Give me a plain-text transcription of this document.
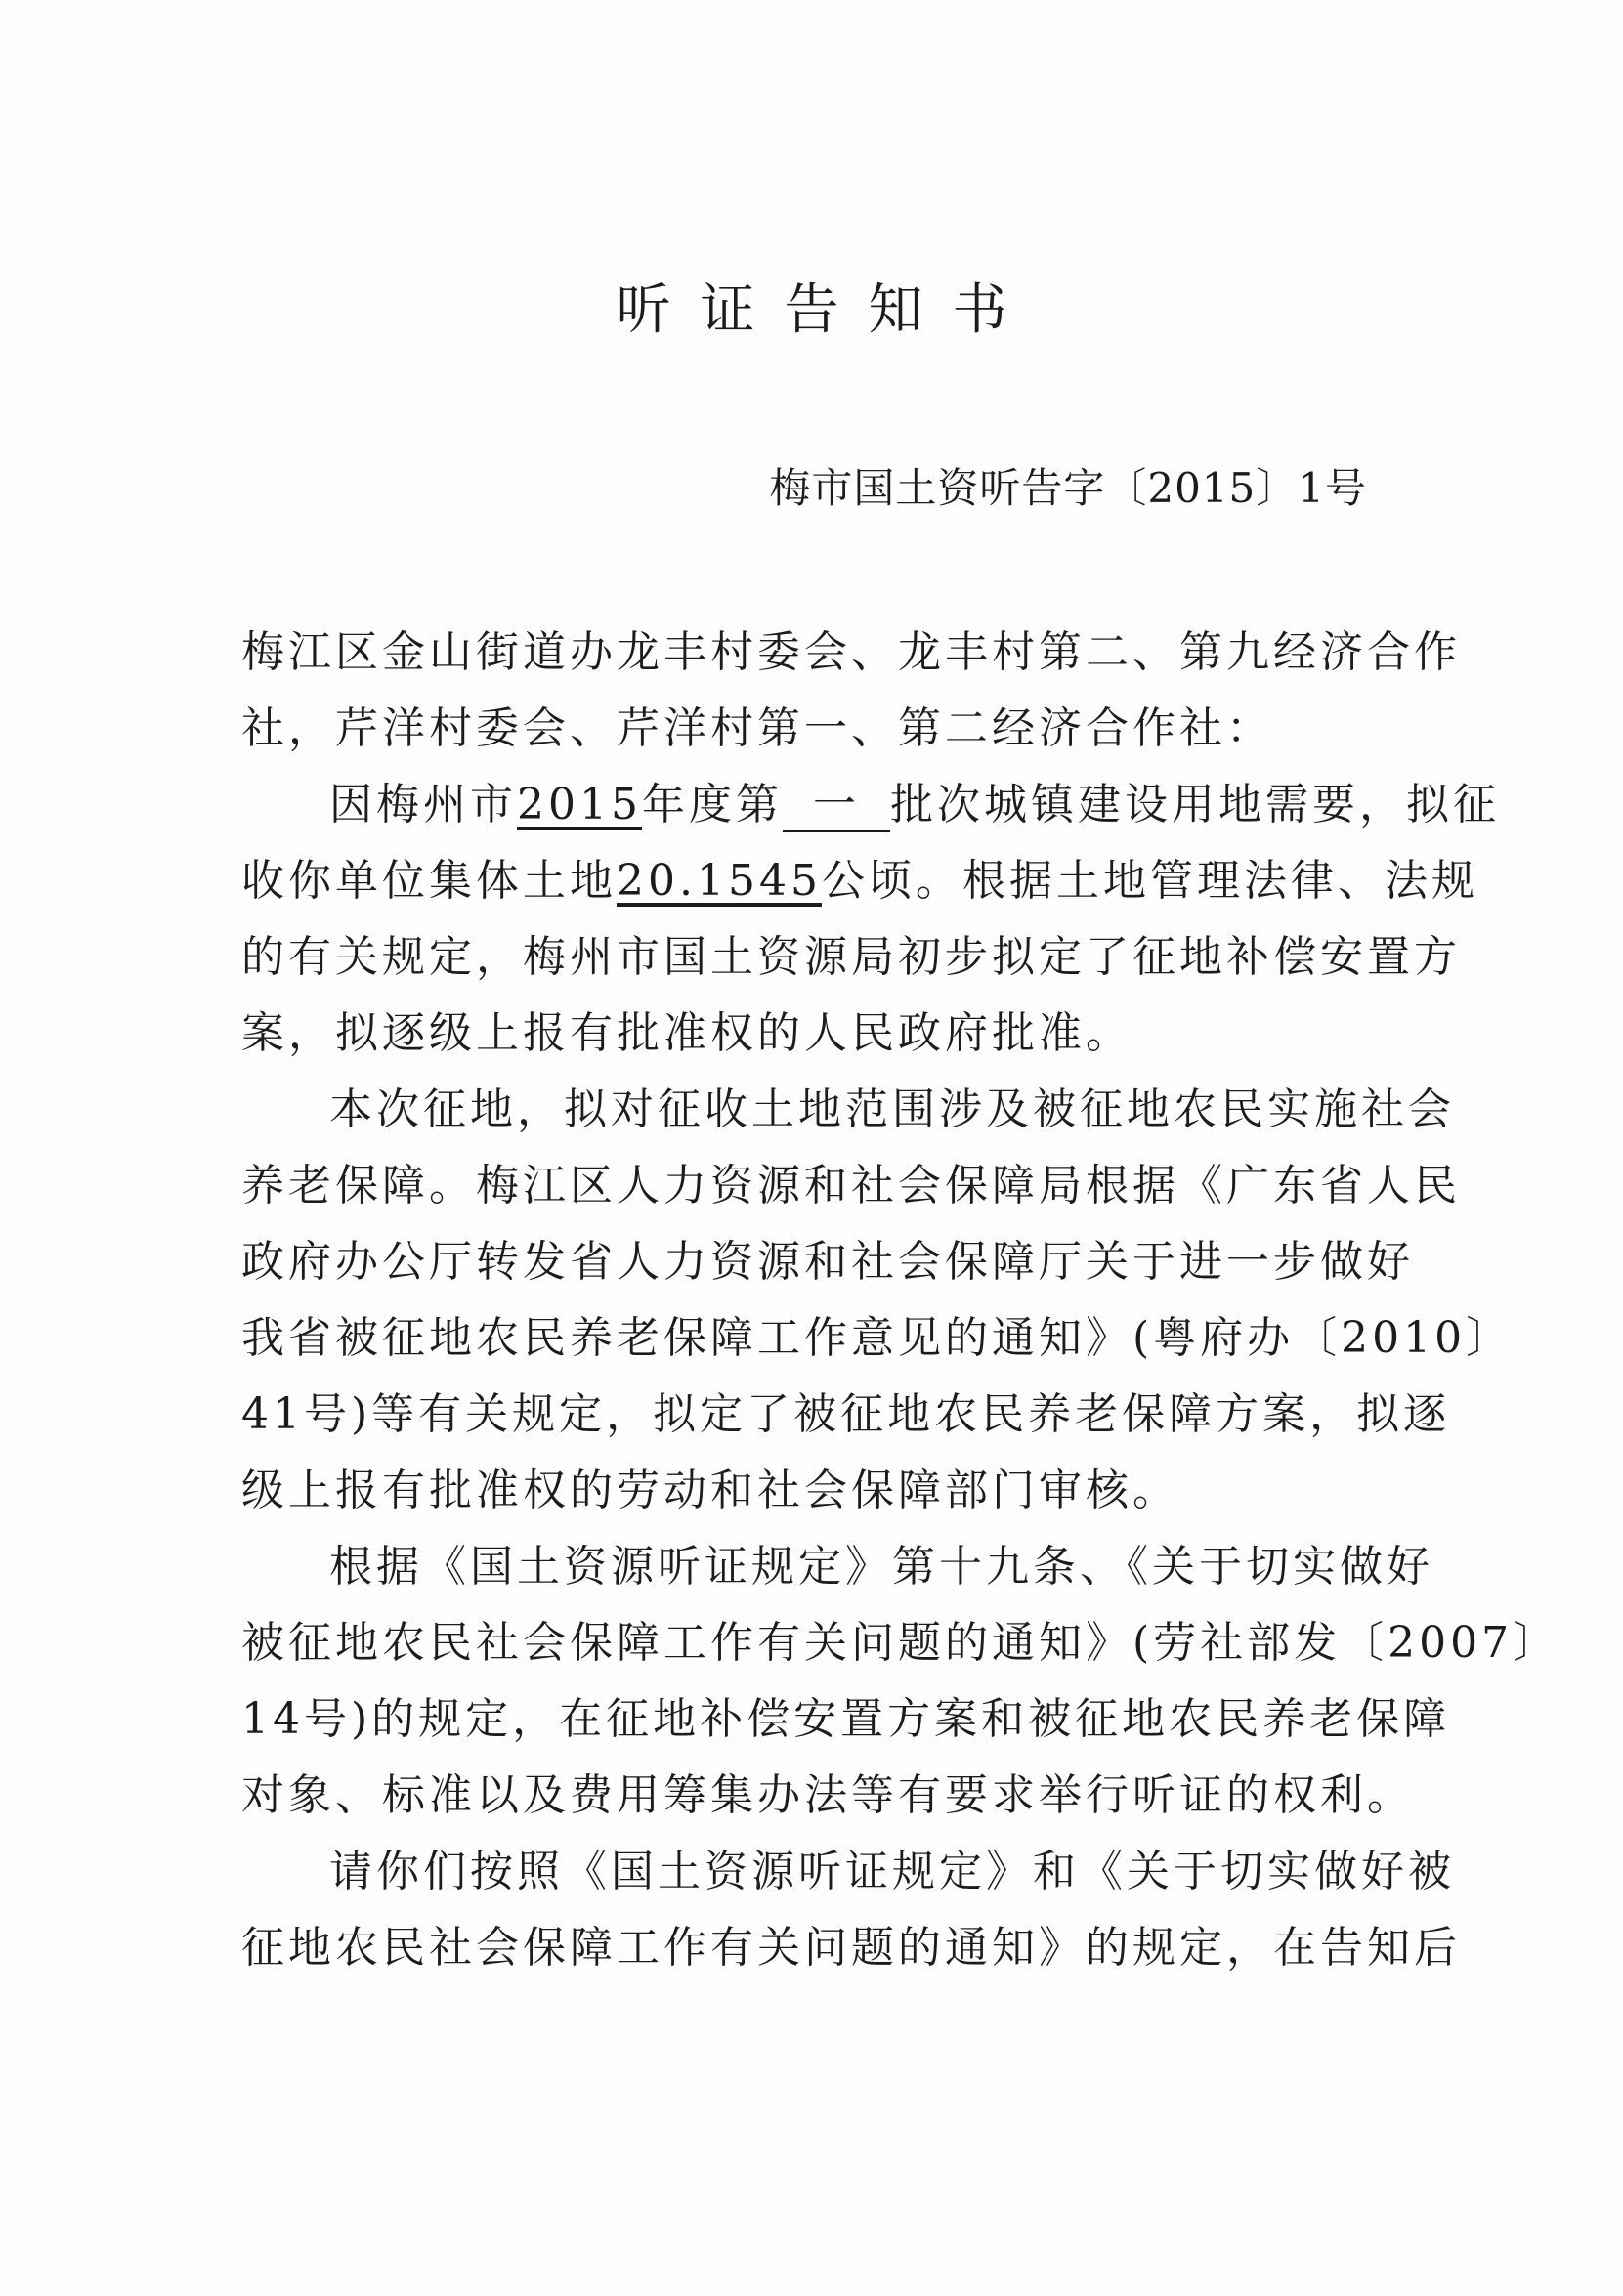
听证告知书
梅市国土资听告字〔2015〕1号
梅江区金山街道办龙丰村委会、龙丰村第二、第九经济合作
社，芹洋村委会、芹洋村第一、第二经济合作社：
因梅州市2015年度第 一 批次城镇建设用地需要，拟征
收你单位集体土地20.1545公顷。根据土地管理法律、法规
的有关规定，梅州市国土资源局初步拟定了征地补偿安置方
案，拟逐级上报有批准权的人民政府批准。
本次征地，拟对征收土地范围涉及被征地农民实施社会
养老保障。梅江区人力资源和社会保障局根据《广东省人民
政府办公厅转发省人力资源和社会保障厅关于进一步做好
我省被征地农民养老保障工作意见的通知》(粤府办〔2010〕
41号)等有关规定，拟定了被征地农民养老保障方案，拟逐
级上报有批准权的劳动和社会保障部门审核。
根据《国土资源听证规定》第十九条、《关于切实做好
被征地农民社会保障工作有关问题的通知》(劳社部发〔2007〕
14号)的规定，在征地补偿安置方案和被征地农民养老保障
对象、标准以及费用筹集办法等有要求举行听证的权利。
请你们按照《国土资源听证规定》和《关于切实做好被
征地农民社会保障工作有关问题的通知》的规定，在告知后
